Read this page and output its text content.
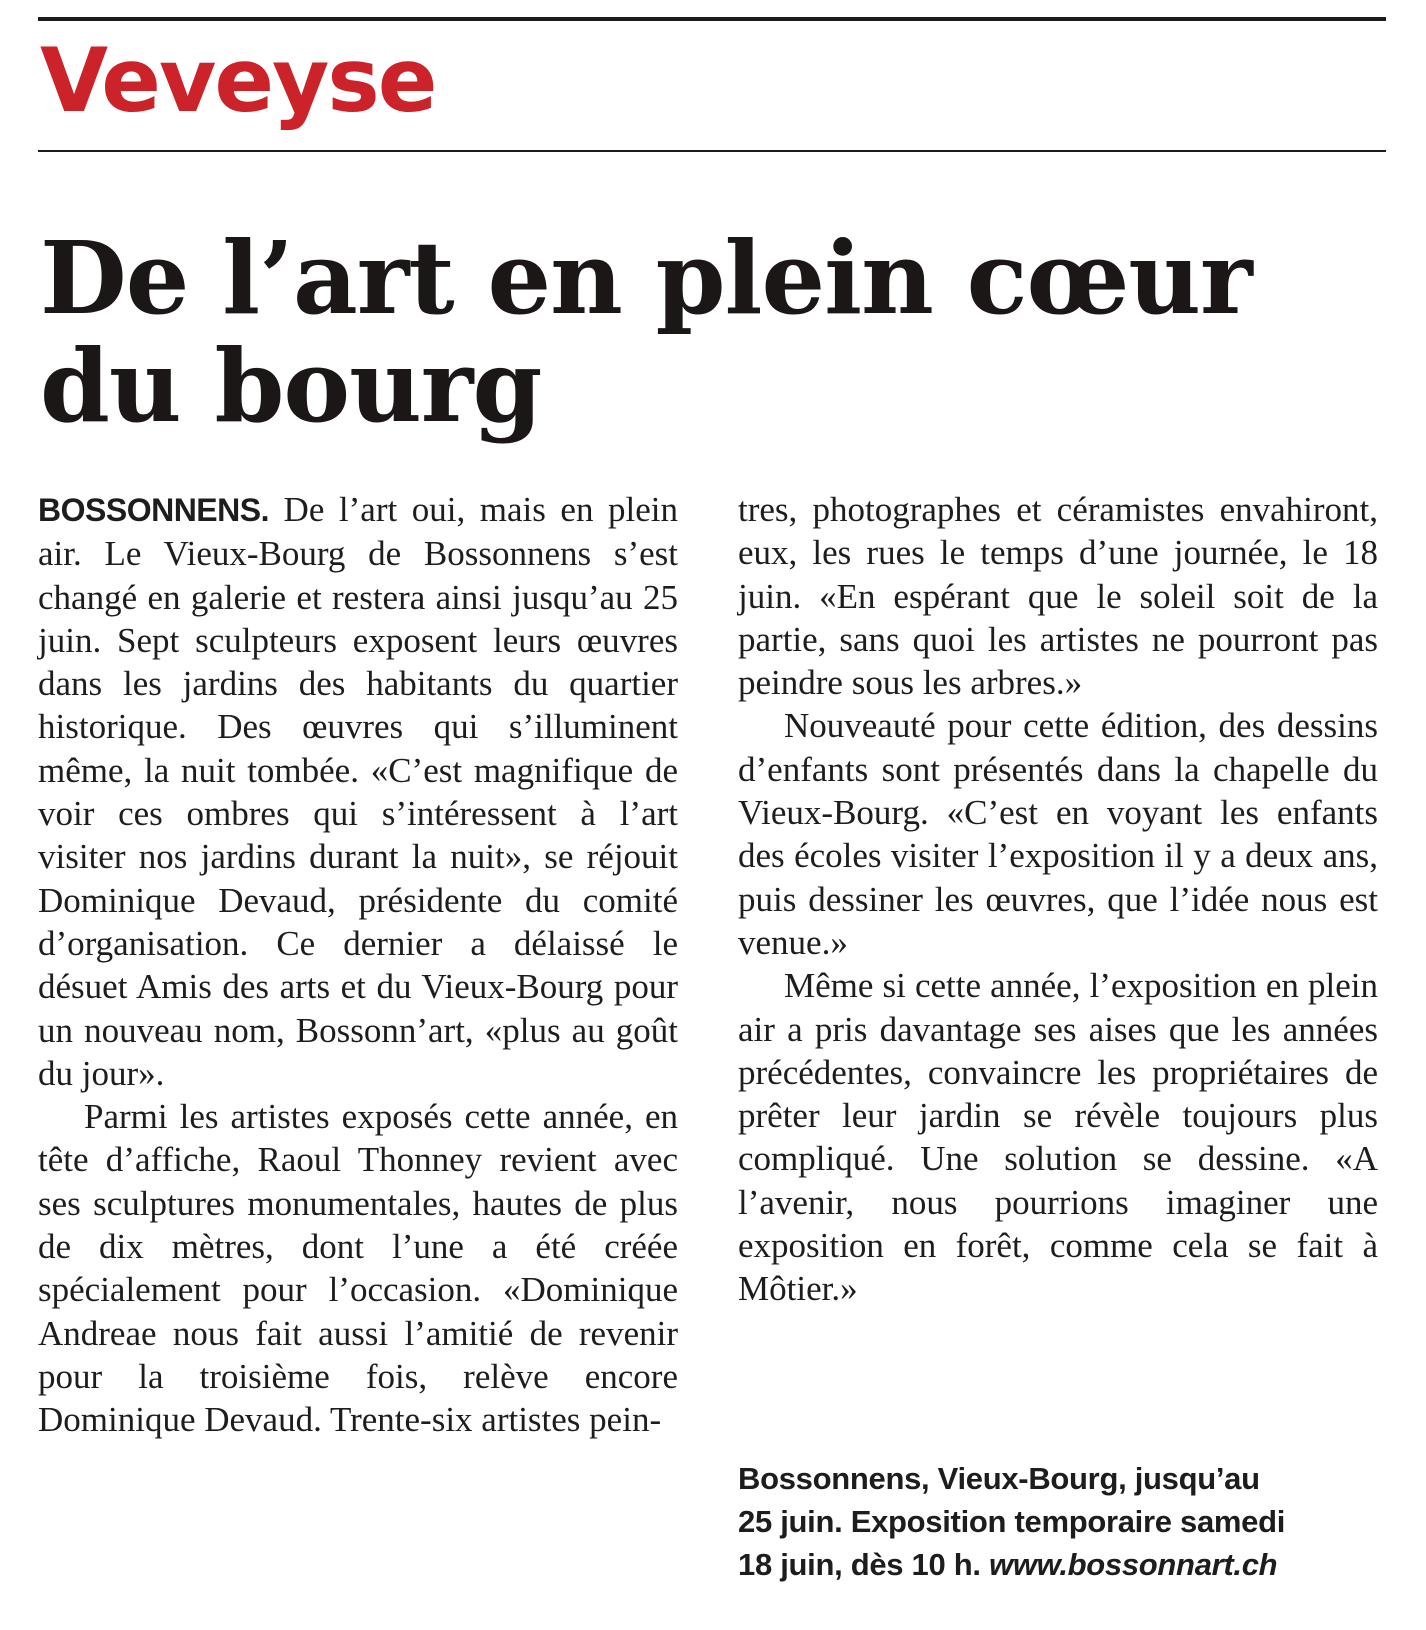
Veveyse
De l’art en plein cœur
du bourg

BOSSONNENS. De l’art oui, mais en plein air. Le Vieux-Bourg de Bossonnens s’est changé en galerie et restera ainsi jusqu’au 25 juin. Sept sculpteurs exposent leurs œuvres dans les jardins des habitants du quartier historique. Des œuvres qui s’illuminent même, la nuit tombée. «C’est magnifique de voir ces ombres qui s’intéressent à l’art visiter nos jardins durant la nuit», se réjouit Dominique Devaud, présidente du comité d’organisation. Ce dernier a délaissé le désuet Amis des arts et du Vieux-Bourg pour un nouveau nom, Bossonn’art, «plus au goût du jour».

Parmi les artistes exposés cette année, en tête d’affiche, Raoul Thonney revient avec ses sculptures monumentales, hautes de plus de dix mètres, dont l’une a été créée spécialement pour l’occasion. «Dominique Andreae nous fait aussi l’amitié de revenir pour la troisième fois, relève encore Dominique Devaud. Trente-six artistes pein-

tres, photographes et céramistes envahiront, eux, les rues le temps d’une journée, le 18 juin. «En espérant que le soleil soit de la partie, sans quoi les artistes ne pourront pas peindre sous les arbres.»

Nouveauté pour cette édition, des dessins d’enfants sont présentés dans la chapelle du Vieux-Bourg. «C’est en voyant les enfants des écoles visiter l’exposition il y a deux ans, puis dessiner les œuvres, que l’idée nous est venue.»

Même si cette année, l’exposition en plein air a pris davantage ses aises que les années précédentes, convaincre les propriétaires de prêter leur jardin se révèle toujours plus compliqué. Une solution se dessine. «A l’avenir, nous pourrions imaginer une exposition en forêt, comme cela se fait à Môtier.»

Bossonnens, Vieux-Bourg, jusqu’au
25 juin. Exposition temporaire samedi
18 juin, dès 10 h. www.bossonnart.ch
